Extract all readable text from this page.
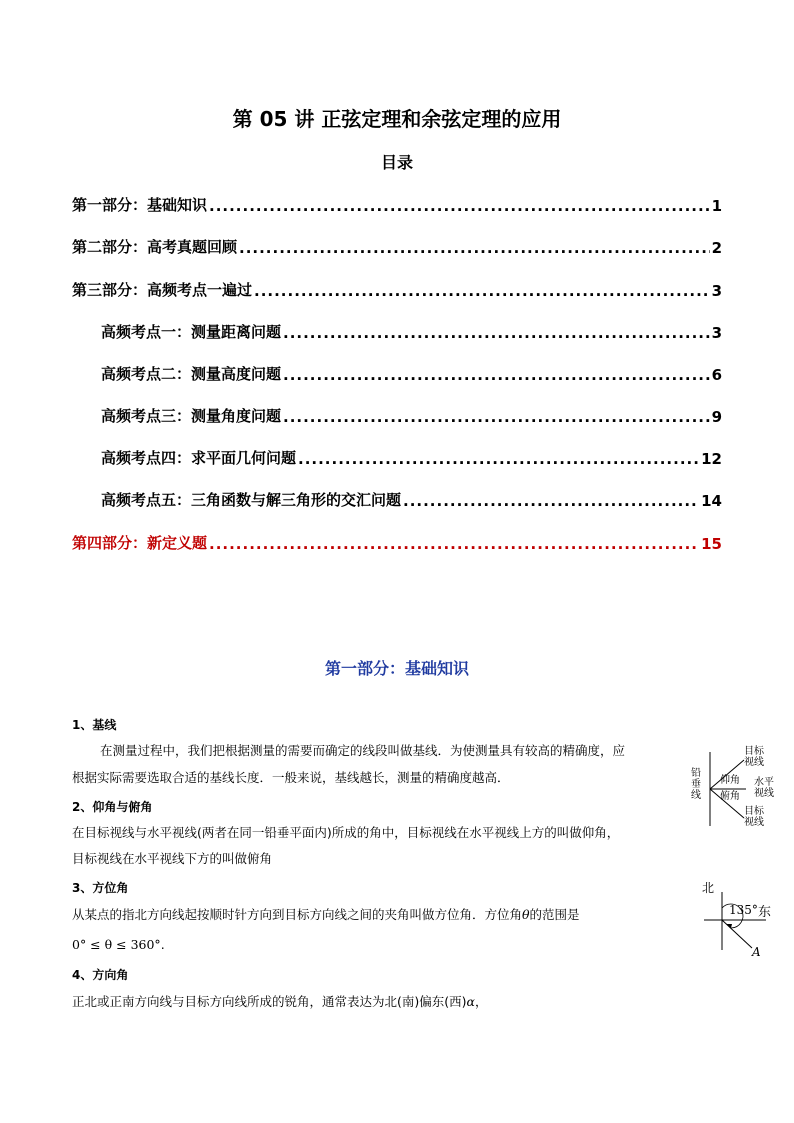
第 05 讲 正弦定理和余弦定理的应用
目录
第一部分：基础知识 .....	1
第二部分：高考真题回顾 .....	2
第三部分：高频考点一遍过 .....	3
高频考点一：测量距离问题 .....	3
高频考点二：测量高度问题 .....	6
高频考点三：测量角度问题 .....	9
高频考点四：求平面几何问题 .....	12
高频考点五：三角函数与解三角形的交汇问题 .....	14
第四部分：新定义题 .....	15
第一部分：基础知识
1、基线
在测量过程中，我们把根据测量的需要而确定的线段叫做基线．为使测量具有较高的精确度，应
根据实际需要选取合适的基线长度．一般来说，基线越长，测量的精确度越高．
2、仰角与俯角
在目标视线与水平视线(两者在同一铅垂平面内)所成的角中，目标视线在水平视线上方的叫做仰角，
目标视线在水平视线下方的叫做俯角
3、方位角
从某点的指北方向线起按顺时针方向到目标方向线之间的夹角叫做方位角．方位角θ的范围是
0° ≤ θ ≤ 360°.
4、方向角
正北或正南方向线与目标方向线所成的锐角，通常表达为北(南)偏东(西)α，
铅
垂
线
目标
视线
仰角
俯角
水平
视线
目标
视线
北
东
135°
A
